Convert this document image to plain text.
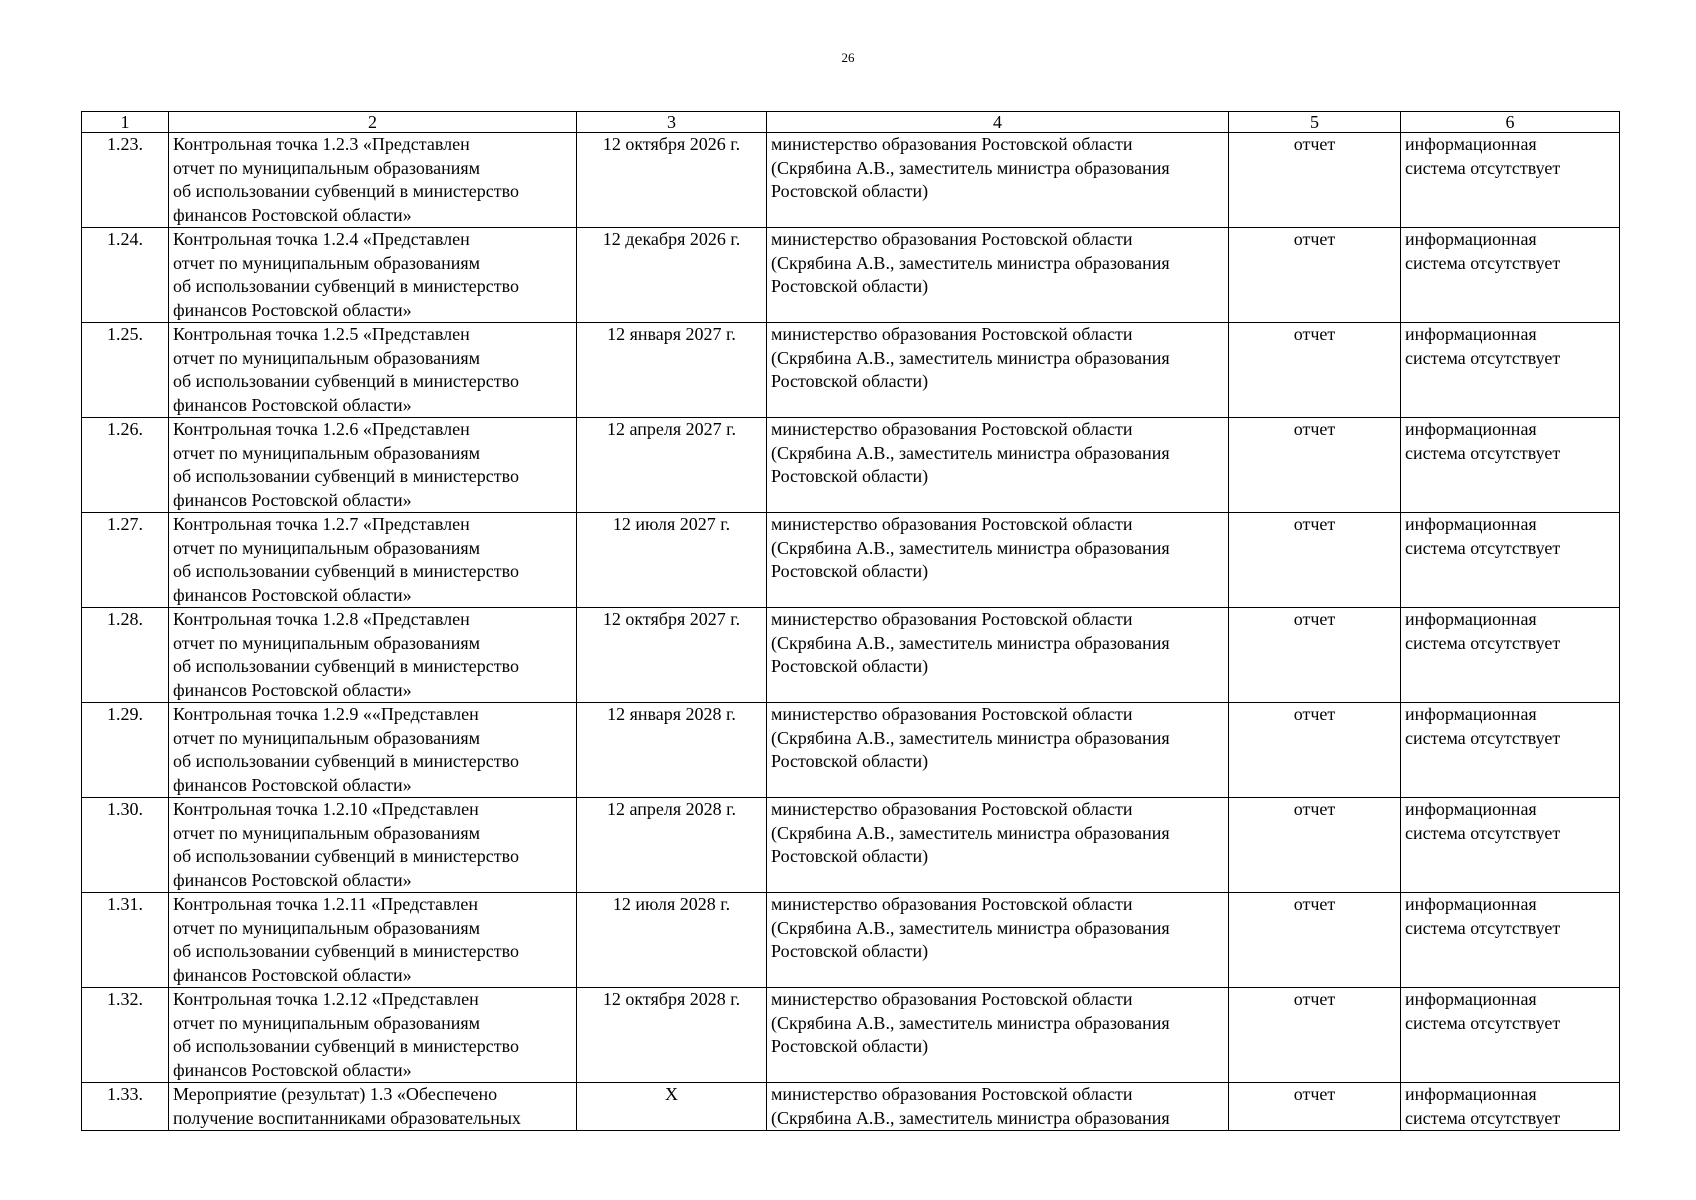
26
1	2	3	4	5	6
1.23.	Контрольная точка 1.2.3 «Представлен
отчет по муниципальным образованиям
об использовании субвенций в министерство
финансов Ростовской области»	12 октября 2026 г.	министерство образования Ростовской области
(Скрябина А.В., заместитель министра образования
Ростовской области)	отчет	информационная
система отсутствует

1.24.	Контрольная точка 1.2.4 «Представлен
отчет по муниципальным образованиям
об использовании субвенций в министерство
финансов Ростовской области»	12 декабря 2026 г.	министерство образования Ростовской области
(Скрябина А.В., заместитель министра образования
Ростовской области)	отчет	информационная
система отсутствует

1.25.	Контрольная точка 1.2.5 «Представлен
отчет по муниципальным образованиям
об использовании субвенций в министерство
финансов Ростовской области»	12 января 2027 г.	министерство образования Ростовской области
(Скрябина А.В., заместитель министра образования
Ростовской области)	отчет	информационная
система отсутствует

1.26.	Контрольная точка 1.2.6 «Представлен
отчет по муниципальным образованиям
об использовании субвенций в министерство
финансов Ростовской области»	12 апреля 2027 г.	министерство образования Ростовской области
(Скрябина А.В., заместитель министра образования
Ростовской области)	отчет	информационная
система отсутствует

1.27.	Контрольная точка 1.2.7 «Представлен
отчет по муниципальным образованиям
об использовании субвенций в министерство
финансов Ростовской области»	12 июля 2027 г.	министерство образования Ростовской области
(Скрябина А.В., заместитель министра образования
Ростовской области)	отчет	информационная
система отсутствует

1.28.	Контрольная точка 1.2.8 «Представлен
отчет по муниципальным образованиям
об использовании субвенций в министерство
финансов Ростовской области»	12 октября 2027 г.	министерство образования Ростовской области
(Скрябина А.В., заместитель министра образования
Ростовской области)	отчет	информационная
система отсутствует

1.29.	Контрольная точка 1.2.9 ««Представлен
отчет по муниципальным образованиям
об использовании субвенций в министерство
финансов Ростовской области»	12 января 2028 г.	министерство образования Ростовской области
(Скрябина А.В., заместитель министра образования
Ростовской области)	отчет	информационная
система отсутствует

1.30.	Контрольная точка 1.2.10 «Представлен
отчет по муниципальным образованиям
об использовании субвенций в министерство
финансов Ростовской области»	12 апреля 2028 г.	министерство образования Ростовской области
(Скрябина А.В., заместитель министра образования
Ростовской области)	отчет	информационная
система отсутствует

1.31.	Контрольная точка 1.2.11 «Представлен
отчет по муниципальным образованиям
об использовании субвенций в министерство
финансов Ростовской области»	12 июля 2028 г.	министерство образования Ростовской области
(Скрябина А.В., заместитель министра образования
Ростовской области)	отчет	информационная
система отсутствует

1.32.	Контрольная точка 1.2.12 «Представлен
отчет по муниципальным образованиям
об использовании субвенций в министерство
финансов Ростовской области»	12 октября 2028 г.	министерство образования Ростовской области
(Скрябина А.В., заместитель министра образования
Ростовской области)	отчет	информационная
система отсутствует

1.33.	Мероприятие (результат) 1.3 «Обеспечено
получение воспитанниками образовательных	X	министерство образования Ростовской области
(Скрябина А.В., заместитель министра образования	отчет	информационная
система отсутствует
